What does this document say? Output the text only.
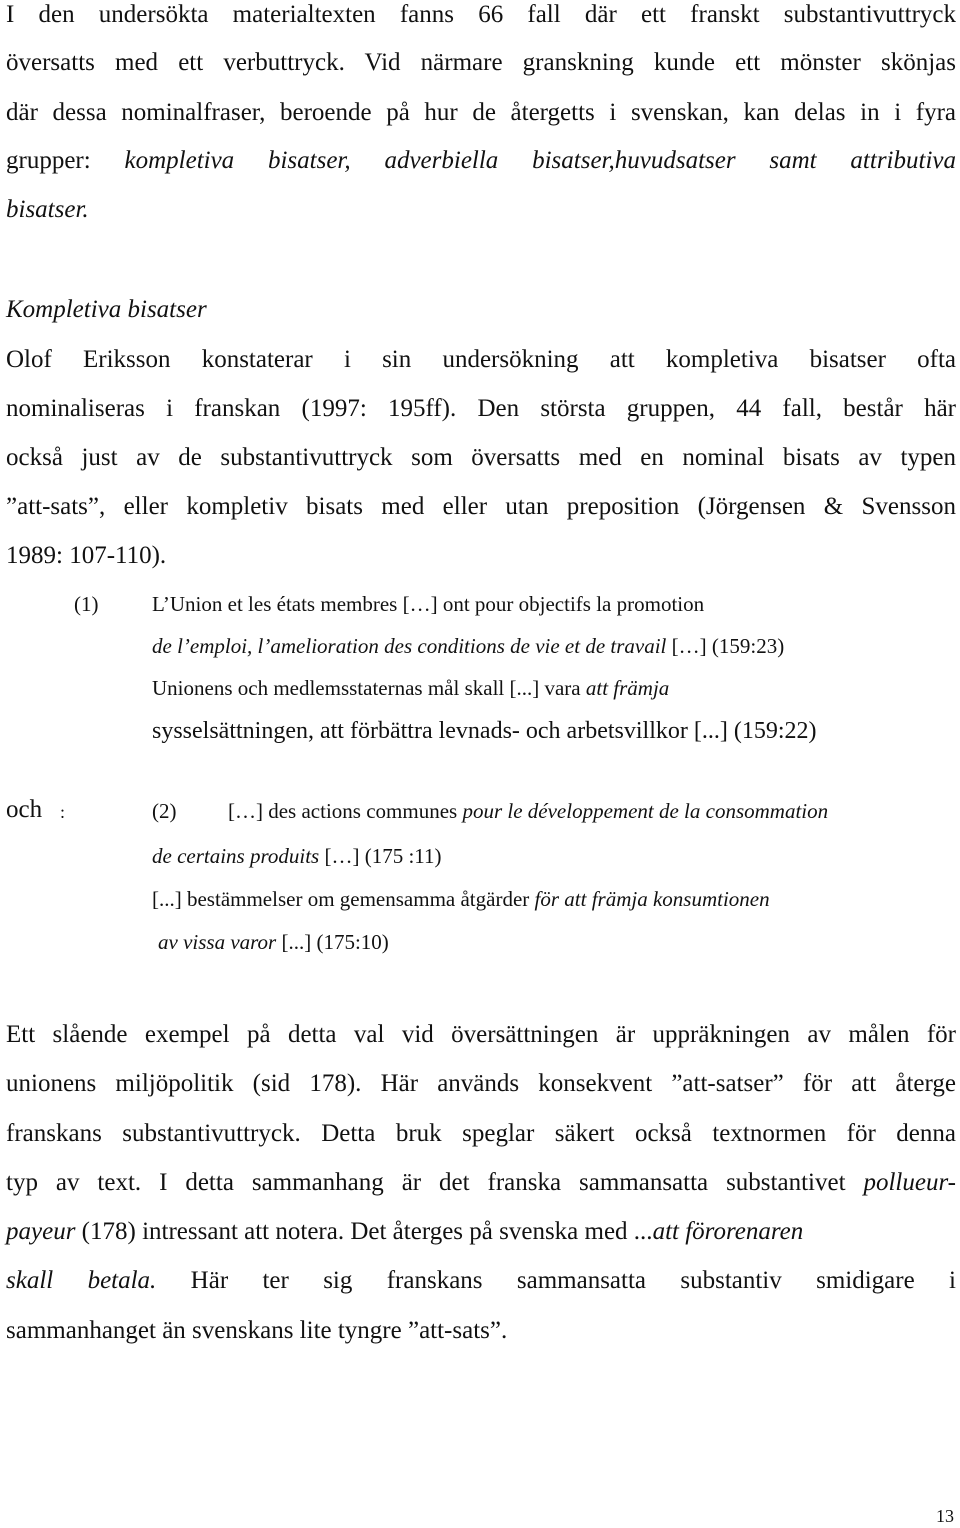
I den undersökta materialtexten fanns 66 fall där ett franskt substantivuttryck
översatts med ett verbuttryck. Vid närmare granskning kunde ett mönster skönjas
där dessa nominalfraser, beroende på hur de återgetts i svenskan, kan delas in i fyra
grupper: kompletiva bisatser, adverbiella bisatser,huvudsatser samt attributiva
bisatser.
Kompletiva bisatser
Olof Eriksson konstaterar i sin undersökning att kompletiva bisatser ofta
nominaliseras i franskan (1997: 195ff). Den största gruppen, 44 fall, består här
också just av de substantivuttryck som översatts med en nominal bisats av typen
”att-sats”, eller kompletiv bisats med eller utan preposition (Jörgensen & Svensson
1989: 107-110).
(1)	L’Union et les états membres […] ont pour objectifs la promotion
de l’emploi, l’amelioration des conditions de vie et de travail […] (159:23)
Unionens och medlemsstaternas mål skall [...] vara att främja
sysselsättningen, att förbättra levnads- och arbetsvillkor [...] (159:22)
och :	(2) […] des actions communes pour le développement de la consommation
de certains produits […] (175 :11)
[...] bestämmelser om gemensamma åtgärder för att främja konsumtionen
av vissa varor [...] (175:10)
Ett slående exempel på detta val vid översättningen är uppräkningen av målen för
unionens miljöpolitik (sid 178). Här används konsekvent ”att-satser” för att återge
franskans substantivuttryck. Detta bruk speglar säkert också textnormen för denna
typ av text. I detta sammanhang är det franska sammansatta substantivet pollueur-
payeur (178) intressant att notera. Det återges på svenska med ...att förorenaren
skall betala. Här ter sig franskans sammansatta substantiv smidigare i
sammanhanget än svenskans lite tyngre ”att-sats”.
13
